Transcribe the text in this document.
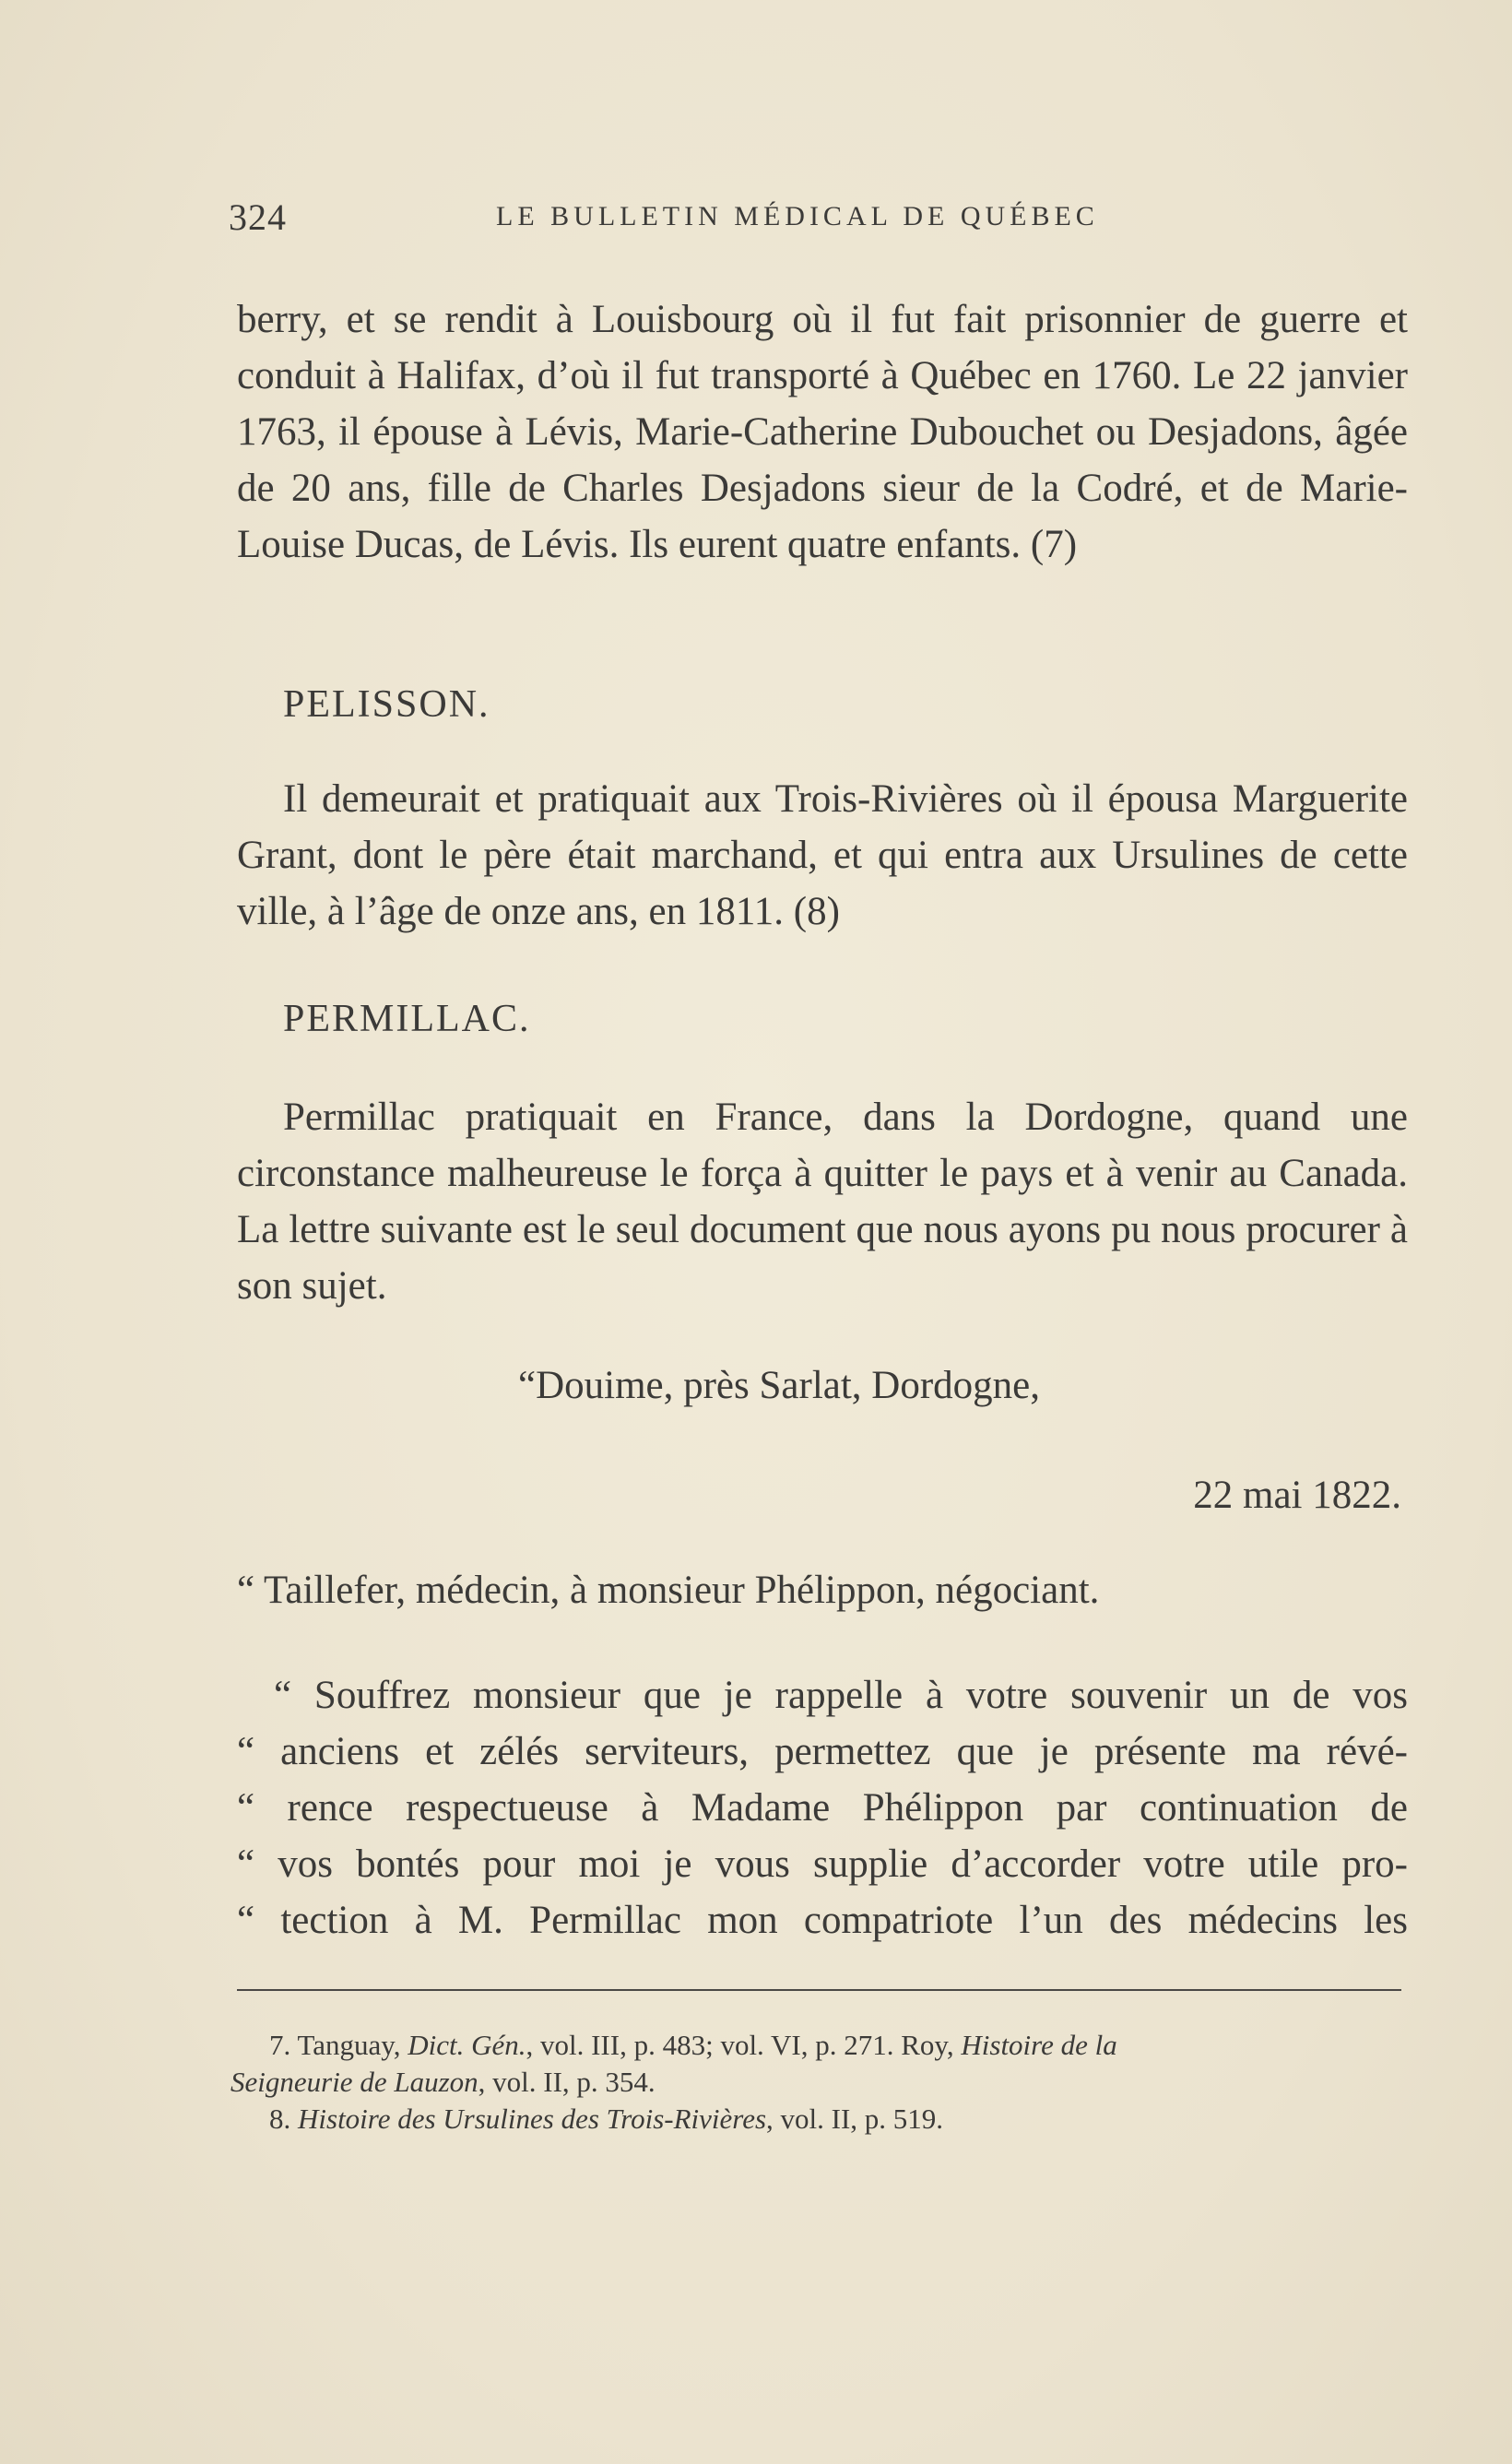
324	LE BULLETIN MÉDICAL DE QUÉBEC
berry, et se rendit à Louisbourg où il fut fait prisonnier de guerre et conduit à Halifax, d’où il fut transporté à Québec en 1760. Le 22 janvier 1763, il épouse à Lévis, Marie-Catherine Dubouchet ou Desjadons, âgée de 20 ans, fille de Charles Desjadons sieur de la Codré, et de Marie-Louise Ducas, de Lévis. Ils eurent quatre enfants. (7)
PELISSON.
Il demeurait et pratiquait aux Trois-Rivières où il épousa Marguerite Grant, dont le père était marchand, et qui entra aux Ursulines de cette ville, à l’âge de onze ans, en 1811. (8)
PERMILLAC.
Permillac pratiquait en France, dans la Dordogne, quand une circonstance malheureuse le força à quitter le pays et à venir au Canada. La lettre suivante est le seul document que nous ayons pu nous procurer à son sujet.
“Douime, près Sarlat, Dordogne,
22 mai 1822.
“ Taillefer, médecin, à monsieur Phélippon, négociant.
“ Souffrez monsieur que je rappelle à votre souvenir un de vos
“ anciens et zélés serviteurs, permettez que je présente ma révé-
“ rence respectueuse à Madame Phélippon par continuation de
“ vos bontés pour moi je vous supplie d’accorder votre utile pro-
“ tection à M. Permillac mon compatriote l’un des médecins les
7. Tanguay, Dict. Gén., vol. III, p. 483; vol. VI, p. 271. Roy, Histoire de la
Seigneurie de Lauzon, vol. II, p. 354.
8. Histoire des Ursulines des Trois-Rivières, vol. II, p. 519.
